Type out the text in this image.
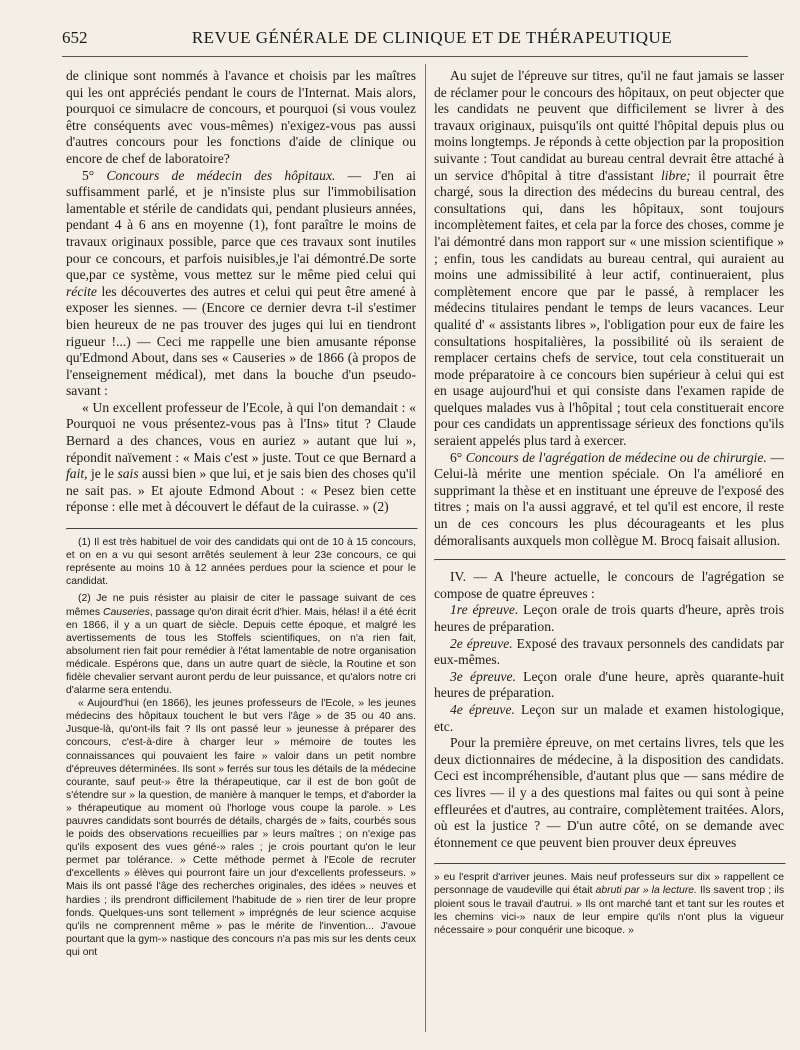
652	REVUE GÉNÉRALE DE CLINIQUE ET DE THÉRAPEUTIQUE

de clinique sont nommés à l'avance et choisis par les maîtres qui les ont appréciés pendant le cours de l'Internat. Mais alors, pourquoi ce simulacre de concours, et pourquoi (si vous voulez être conséquents avec vous-mêmes) n'exigez-vous pas aussi d'autres concours pour les fonctions d'aide de clinique ou encore de chef de laboratoire?

5° Concours de médecin des hôpitaux. — J'en ai suffisamment parlé, et je n'insiste plus sur l'immobilisation lamentable et stérile de candidats qui, pendant plusieurs années, pendant 4 à 6 ans en moyenne (1), font paraître le moins de travaux originaux possible, parce que ces travaux sont inutiles pour ce concours, et parfois nuisibles,je l'ai démontré.De sorte que,par ce système, vous mettez sur le même pied celui qui récite les découvertes des autres et celui qui peut être amené à exposer les siennes. — (Encore ce dernier devra t-il s'estimer bien heureux de ne pas trouver des juges qui lui en tiendront rigueur !...) — Ceci me rappelle une bien amusante réponse qu'Edmond About, dans ses « Causeries » de 1866 (à propos de l'enseignement médical), met dans la bouche d'un pseudo-savant :

« Un excellent professeur de l'Ecole, à qui l'on demandait : « Pourquoi ne vous présentez-vous pas à l'Ins» titut ? Claude Bernard a des chances, vous en auriez » autant que lui », répondit naïvement : « Mais c'est » juste. Tout ce que Bernard a fait, je le sais aussi bien » que lui, et je sais bien des choses qu'il ne sait pas. » Et ajoute Edmond About : « Pesez bien cette réponse : elle met à découvert le défaut de la cuirasse. » (2)

(1) Il est très habituel de voir des candidats qui ont de 10 à 15 concours, et on en a vu qui sesont arrêtés seulement à leur 23e concours, ce qui représente au moins 10 à 12 années perdues pour la science et pour le candidat.

(2) Je ne puis résister au plaisir de citer le passage suivant de ces mêmes Causeries, passage qu'on dirait écrit d'hier. Mais, hélas! il a été écrit en 1866, il y a un quart de siècle. Depuis cette époque, et malgré les avertissements de tous les Stoffels scientifiques, on n'a rien fait, absolument rien fait pour remédier à l'état lamentable de notre organisation médicale. Espérons que, dans un autre quart de siècle, la Routine et son fidèle chevalier servant auront perdu de leur puissance, et qu'alors notre cri d'alarme sera entendu.

« Aujourd'hui (en 1866), les jeunes professeurs de l'Ecole, » les jeunes médecins des hôpitaux touchent le but vers l'âge » de 35 ou 40 ans. Jusque-là, qu'ont-ils fait ? Ils ont passé leur » jeunesse à préparer des concours, c'est-à-dire à charger leur » mémoire de toutes les connaissances qui pouvaient les faire » valoir dans un petit nombre d'épreuves déterminées. Ils sont » ferrés sur tous les détails de la médecine courante, sauf peut-» être la thérapeutique, car il est de bon goût de s'étendre sur » la question, de manière à manquer le temps, et d'aborder la » thérapeutique au moment où l'horloge vous coupe la parole. » Les pauvres candidats sont bourrés de détails, chargés de » faits, courbés sous le poids des observations recueillies par » leurs maîtres ; on n'exige pas qu'ils exposent des vues géné-» rales ; je crois pourtant qu'on le leur permet par tolérance. » Cette méthode permet à l'Ecole de recruter d'excellents » élèves qui pourront faire un jour d'excellents professeurs. » Mais ils ont passé l'âge des recherches originales, des idées » neuves et hardies ; ils prendront difficilement l'habitude de » rien tirer de leur propre fonds. Quelques-uns sont tellement » imprégnés de leur science acquise qu'ils ne comprennent même » pas le mérite de l'invention... J'avoue pourtant que la gym-» nastique des concours n'a pas mis sur les dents ceux qui ont

Au sujet de l'épreuve sur titres, qu'il ne faut jamais se lasser de réclamer pour le concours des hôpitaux, on peut objecter que les candidats ne peuvent que difficilement se livrer à des travaux originaux, puisqu'ils ont quitté l'hôpital depuis plus ou moins longtemps. Je réponds à cette objection par la proposition suivante : Tout candidat au bureau central devrait être attaché à un service d'hôpital à titre d'assistant libre; il pourrait être chargé, sous la direction des médecins du bureau central, des consultations qui, dans les hôpitaux, sont toujours incomplètement faites, et cela par la force des choses, comme je l'ai démontré dans mon rapport sur « une mission scientifique » ; enfin, tous les candidats au bureau central, qui auraient au moins une admissibilité à leur actif, continueraient, plus complètement encore que par le passé, à remplacer les médecins titulaires pendant le temps de leurs vacances. Leur qualité d' « assistants libres », l'obligation pour eux de faire les consultations hospitalières, la possibilité où ils seraient de remplacer certains chefs de service, tout cela constituerait un mode préparatoire à ce concours bien supérieur à celui qui est en usage aujourd'hui et qui consiste dans l'examen rapide de quelques malades vus à l'hôpital ; tout cela constituerait encore pour ces candidats un apprentissage sérieux des fonctions qu'ils seraient appelés plus tard à exercer.

6° Concours de l'agrégation de médecine ou de chirurgie. — Celui-là mérite une mention spéciale. On l'a amélioré en supprimant la thèse et en instituant une épreuve de l'exposé des titres ; mais on l'a aussi aggravé, et tel qu'il est encore, il reste un de ces concours les plus décourageants et les plus démoralisants auxquels mon collègue M. Brocq faisait allusion.

IV. — A l'heure actuelle, le concours de l'agrégation se compose de quatre épreuves :

1re épreuve. Leçon orale de trois quarts d'heure, après trois heures de préparation.

2e épreuve. Exposé des travaux personnels des candidats par eux-mêmes.

3e épreuve. Leçon orale d'une heure, après quarante-huit heures de préparation.

4e épreuve. Leçon sur un malade et examen histologique, etc.

Pour la première épreuve, on met certains livres, tels que les deux dictionnaires de médecine, à la disposition des candidats. Ceci est incompréhensible, d'autant plus que — sans médire de ces livres — il y a des questions mal faites ou qui sont à peine effleurées et d'autres, au contraire, complètement traitées. Alors, où est la justice ? — D'un autre côté, on se demande avec étonnement ce que peuvent bien prouver deux épreuves

» eu l'esprit d'arriver jeunes. Mais neuf professeurs sur dix » rappellent ce personnage de vaudeville qui était abruti par » la lecture. Ils savent trop ; ils ploient sous le travail d'autrui. » Ils ont marché tant et tant sur les routes et les chemins vici-» naux de leur empire qu'ils n'ont plus la vigueur nécessaire » pour conquérir une bicoque. »
